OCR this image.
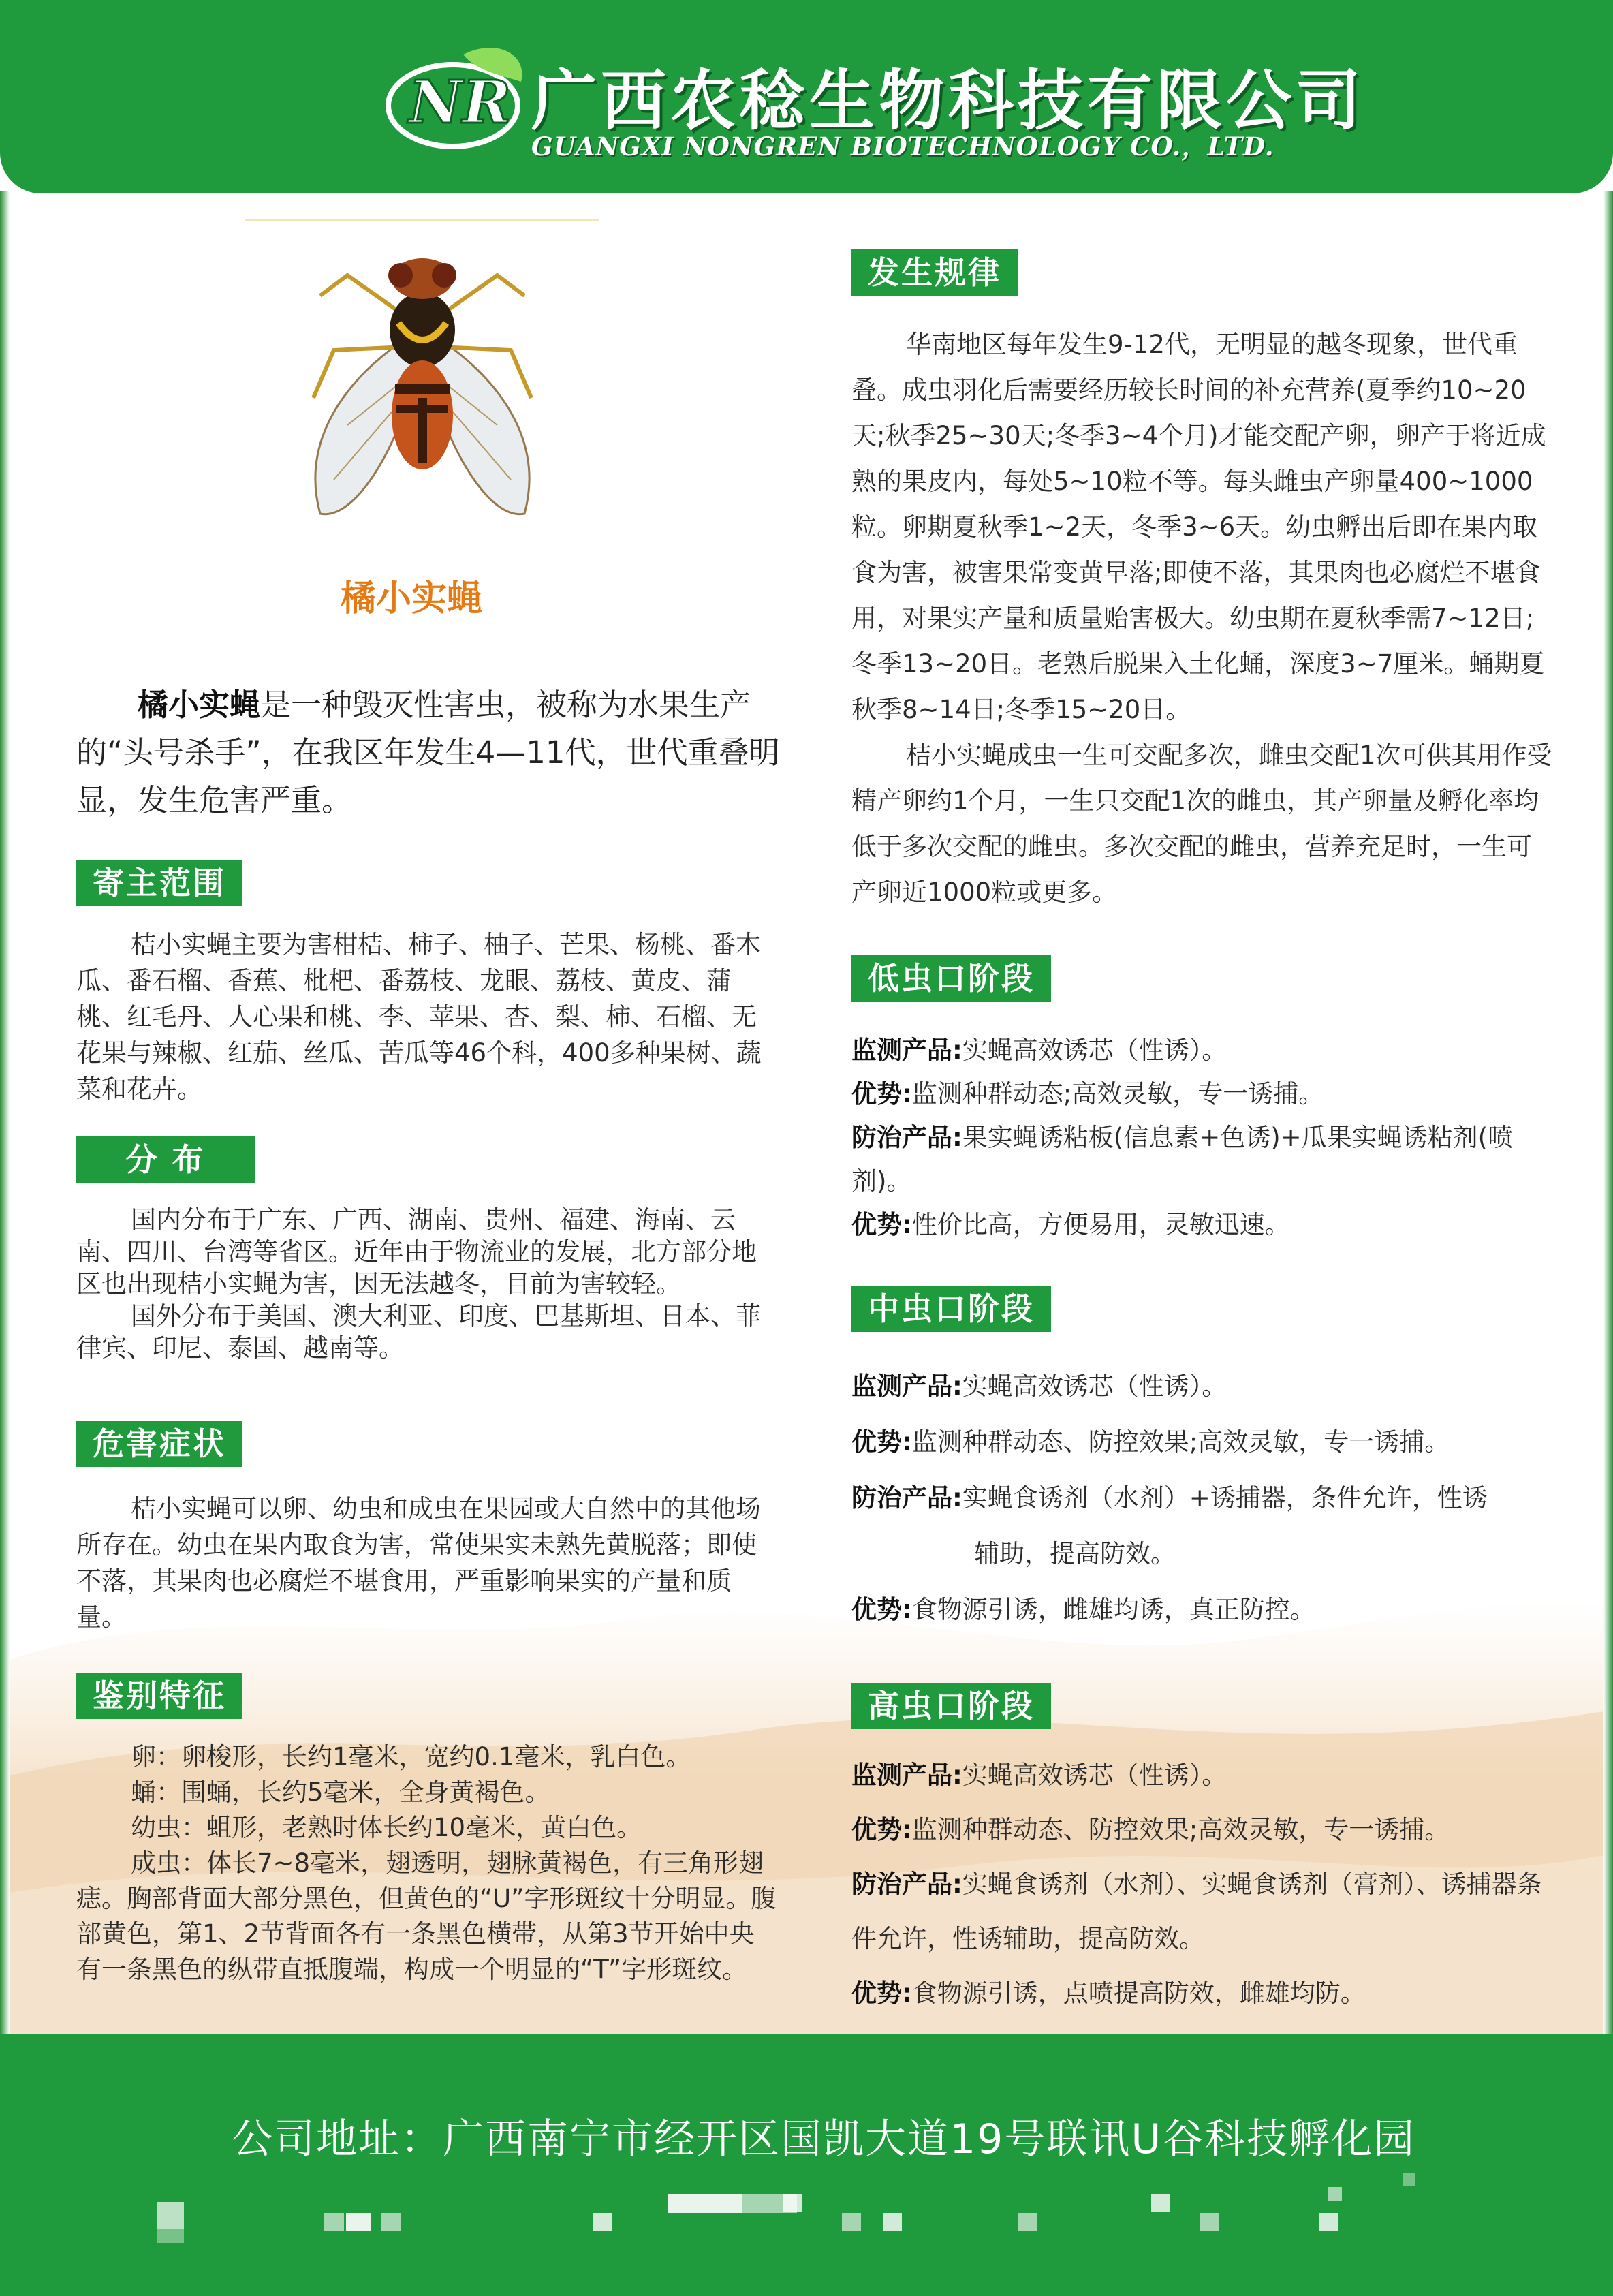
NR 广西农稔生物科技有限公司
GUANGXI NONGREN BIOTECHNOLOGY CO.，LTD.
橘小实蝇
橘小实蝇是一种毁灭性害虫，被称为水果生产的“头号杀手”，在我区年发生4—11代，世代重叠明显，发生危害严重。
寄主范围

桔小实蝇主要为害柑桔、柿子、柚子、芒果、杨桃、番木瓜、番石榴、香蕉、枇杷、番荔枝、龙眼、荔枝、黄皮、蒲桃、红毛丹、人心果和桃、李、苹果、杏、梨、柿、石榴、无花果与辣椒、红茄、丝瓜、苦瓜等46个科，400多种果树、蔬菜和花卉。

分 布

国内分布于广东、广西、湖南、贵州、福建、海南、云南、四川、台湾等省区。近年由于物流业的发展，北方部分地区也出现桔小实蝇为害，因无法越冬，目前为害较轻。

国外分布于美国、澳大利亚、印度、巴基斯坦、日本、菲律宾、印尼、泰国、越南等。

危害症状

桔小实蝇可以卵、幼虫和成虫在果园或大自然中的其他场所存在。幼虫在果内取食为害，常使果实未熟先黄脱落；即使不落，其果肉也必腐烂不堪食用，严重影响果实的产量和质量。

鉴别特征

卵：卵梭形，长约1毫米，宽约0.1毫米，乳白色。

蛹：围蛹，长约5毫米，全身黄褐色。

幼虫：蛆形，老熟时体长约10毫米，黄白色。

成虫：体长7~8毫米，翅透明，翅脉黄褐色，有三角形翅痣。胸部背面大部分黑色，但黄色的“U”字形斑纹十分明显。腹部黄色，第1、2节背面各有一条黑色横带，从第3节开始中央有一条黑色的纵带直抵腹端，构成一个明显的“T”字形斑纹。

发生规律

华南地区每年发生9-12代，无明显的越冬现象，世代重叠。成虫羽化后需要经历较长时间的补充营养(夏季约10~20天;秋季25~30天;冬季3~4个月)才能交配产卵，卵产于将近成熟的果皮内，每处5~10粒不等。每头雌虫产卵量400~1000粒。卵期夏秋季1~2天，冬季3~6天。幼虫孵出后即在果内取食为害，被害果常变黄早落;即使不落，其果肉也必腐烂不堪食用，对果实产量和质量贻害极大。幼虫期在夏秋季需7~12日;冬季13~20日。老熟后脱果入土化蛹，深度3~7厘米。蛹期夏秋季8~14日;冬季15~20日。

桔小实蝇成虫一生可交配多次，雌虫交配1次可供其用作受精产卵约1个月，一生只交配1次的雌虫，其产卵量及孵化率均低于多次交配的雌虫。多次交配的雌虫，营养充足时，一生可产卵近1000粒或更多。

低虫口阶段

监测产品:实蝇高效诱芯（性诱）。

优势:监测种群动态;高效灵敏，专一诱捕。

防治产品:果实蝇诱粘板(信息素+色诱)+瓜果实蝇诱粘剂(喷剂)。

优势:性价比高，方便易用，灵敏迅速。

中虫口阶段

监测产品:实蝇高效诱芯（性诱）。

优势:监测种群动态、防控效果;高效灵敏，专一诱捕。

防治产品:实蝇食诱剂（水剂）+诱捕器，条件允许，性诱

辅助，提高防效。

优势:食物源引诱，雌雄均诱，真正防控。

高虫口阶段

监测产品:实蝇高效诱芯（性诱）。

优势:监测种群动态、防控效果;高效灵敏，专一诱捕。

防治产品:实蝇食诱剂（水剂）、实蝇食诱剂（膏剂）、诱捕器条件允许，性诱辅助，提高防效。

优势:食物源引诱，点喷提高防效，雌雄均防。

公司地址：广西南宁市经开区国凯大道19号联讯U谷科技孵化园
